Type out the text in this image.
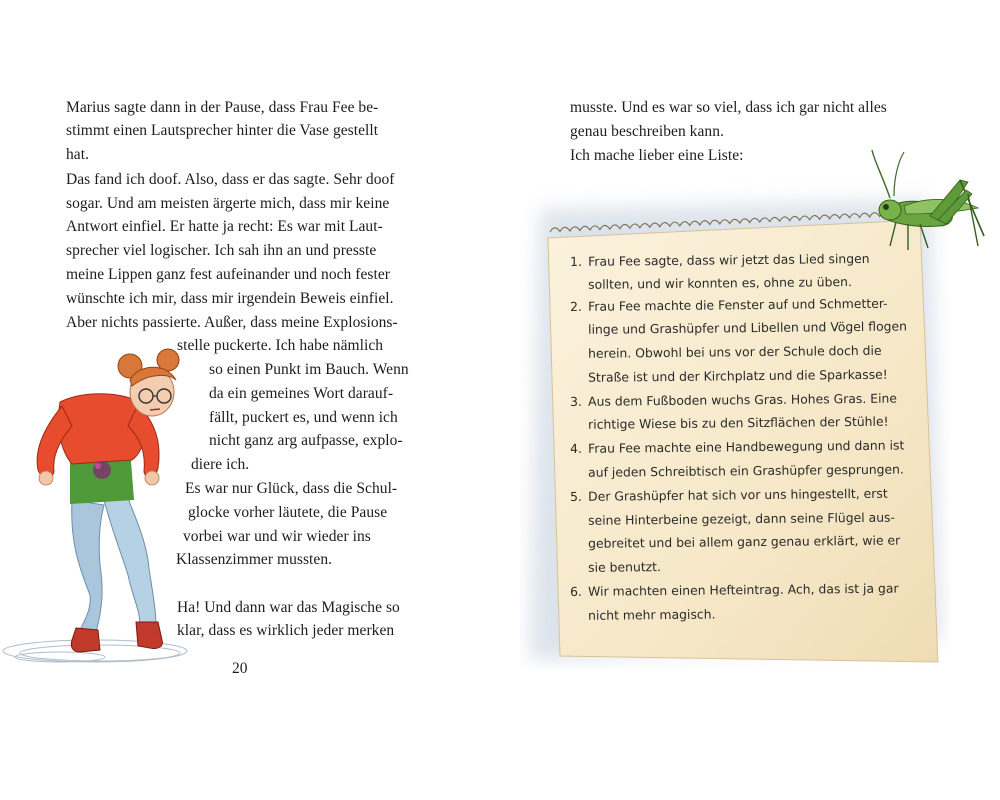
Marius sagte dann in der Pause, dass Frau Fee be-
stimmt einen Lautsprecher hinter die Vase gestellt
hat.
Das fand ich doof. Also, dass er das sagte. Sehr doof
sogar. Und am meisten ärgerte mich, dass mir keine
Antwort einfiel. Er hatte ja recht: Es war mit Laut-
sprecher viel logischer. Ich sah ihn an und presste
meine Lippen ganz fest aufeinander und noch fester
wünschte ich mir, dass mir irgendein Beweis einfiel.
Aber nichts passierte. Außer, dass meine Explosions-
stelle puckerte. Ich habe nämlich
so einen Punkt im Bauch. Wenn
da ein gemeines Wort darauf-
fällt, puckert es, und wenn ich
nicht ganz arg aufpasse, explo-
diere ich.
Es war nur Glück, dass die Schul-
glocke vorher läutete, die Pause
vorbei war und wir wieder ins
Klassenzimmer mussten.
Ha! Und dann war das Magische so
klar, dass es wirklich jeder merken
20
musste. Und es war so viel, dass ich gar nicht alles
genau beschreiben kann.
Ich mache lieber eine Liste:
1. Frau Fee sagte, dass wir jetzt das Lied singen
sollten, und wir konnten es, ohne zu üben.
2. Frau Fee machte die Fenster auf und Schmetter-
linge und Grashüpfer und Libellen und Vögel flogen
herein. Obwohl bei uns vor der Schule doch die
Straße ist und der Kirchplatz und die Sparkasse!
3. Aus dem Fußboden wuchs Gras. Hohes Gras. Eine
richtige Wiese bis zu den Sitzflächen der Stühle!
4. Frau Fee machte eine Handbewegung und dann ist
auf jeden Schreibtisch ein Grashüpfer gesprungen.
5. Der Grashüpfer hat sich vor uns hingestellt, erst
seine Hinterbeine gezeigt, dann seine Flügel aus-
gebreitet und bei allem ganz genau erklärt, wie er
sie benutzt.
6. Wir machten einen Hefteintrag. Ach, das ist ja gar
nicht mehr magisch.
